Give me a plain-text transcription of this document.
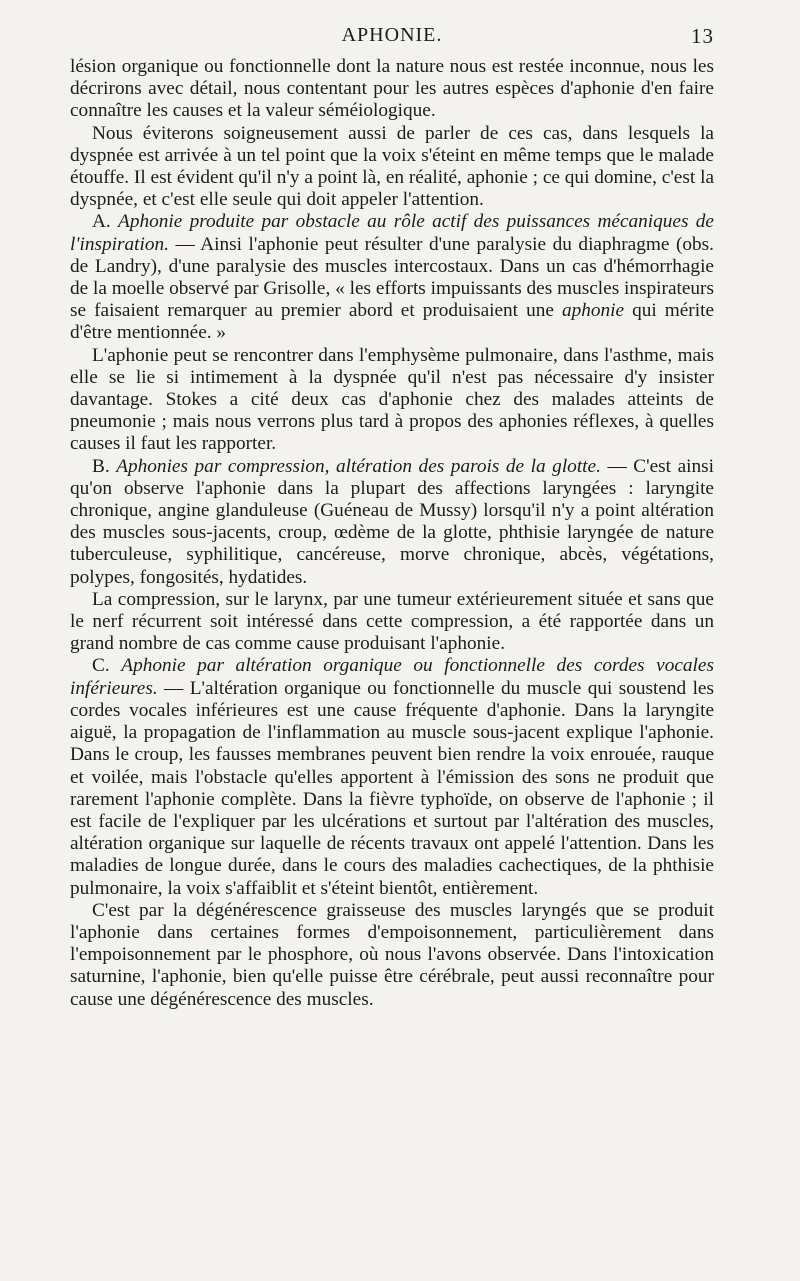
APHONIE.	13

lésion organique ou fonctionnelle dont la nature nous est restée inconnue, nous les décrirons avec détail, nous contentant pour les autres espèces d'aphonie d'en faire connaître les causes et la valeur séméiologique.

Nous éviterons soigneusement aussi de parler de ces cas, dans lesquels la dyspnée est arrivée à un tel point que la voix s'éteint en même temps que le malade étouffe. Il est évident qu'il n'y a point là, en réalité, aphonie ; ce qui domine, c'est la dyspnée, et c'est elle seule qui doit appeler l'attention.

A. Aphonie produite par obstacle au rôle actif des puissances mécaniques de l'inspiration. — Ainsi l'aphonie peut résulter d'une paralysie du diaphragme (obs. de Landry), d'une paralysie des muscles intercostaux. Dans un cas d'hémorrhagie de la moelle observé par Grisolle, « les efforts impuissants des muscles inspirateurs se faisaient remarquer au premier abord et produisaient une aphonie qui mérite d'être mentionnée. »

L'aphonie peut se rencontrer dans l'emphysème pulmonaire, dans l'asthme, mais elle se lie si intimement à la dyspnée qu'il n'est pas nécessaire d'y insister davantage. Stokes a cité deux cas d'aphonie chez des malades atteints de pneumonie ; mais nous verrons plus tard à propos des aphonies réflexes, à quelles causes il faut les rapporter.

B. Aphonies par compression, altération des parois de la glotte. — C'est ainsi qu'on observe l'aphonie dans la plupart des affections laryngées : laryngite chronique, angine glanduleuse (Guéneau de Mussy) lorsqu'il n'y a point altération des muscles sous-jacents, croup, œdème de la glotte, phthisie laryngée de nature tuberculeuse, syphilitique, cancéreuse, morve chronique, abcès, végétations, polypes, fongosités, hydatides.

La compression, sur le larynx, par une tumeur extérieurement située et sans que le nerf récurrent soit intéressé dans cette compression, a été rapportée dans un grand nombre de cas comme cause produisant l'aphonie.

C. Aphonie par altération organique ou fonctionnelle des cordes vocales inférieures. — L'altération organique ou fonctionnelle du muscle qui soustend les cordes vocales inférieures est une cause fréquente d'aphonie. Dans la laryngite aiguë, la propagation de l'inflammation au muscle sous-jacent explique l'aphonie. Dans le croup, les fausses membranes peuvent bien rendre la voix enrouée, rauque et voilée, mais l'obstacle qu'elles apportent à l'émission des sons ne produit que rarement l'aphonie complète. Dans la fièvre typhoïde, on observe de l'aphonie ; il est facile de l'expliquer par les ulcérations et surtout par l'altération des muscles, altération organique sur laquelle de récents travaux ont appelé l'attention. Dans les maladies de longue durée, dans le cours des maladies cachectiques, de la phthisie pulmonaire, la voix s'affaiblit et s'éteint bientôt, entièrement.

C'est par la dégénérescence graisseuse des muscles laryngés que se produit l'aphonie dans certaines formes d'empoisonnement, particulièrement dans l'empoisonnement par le phosphore, où nous l'avons observée. Dans l'intoxication saturnine, l'aphonie, bien qu'elle puisse être cérébrale, peut aussi reconnaître pour cause une dégénérescence des muscles.
